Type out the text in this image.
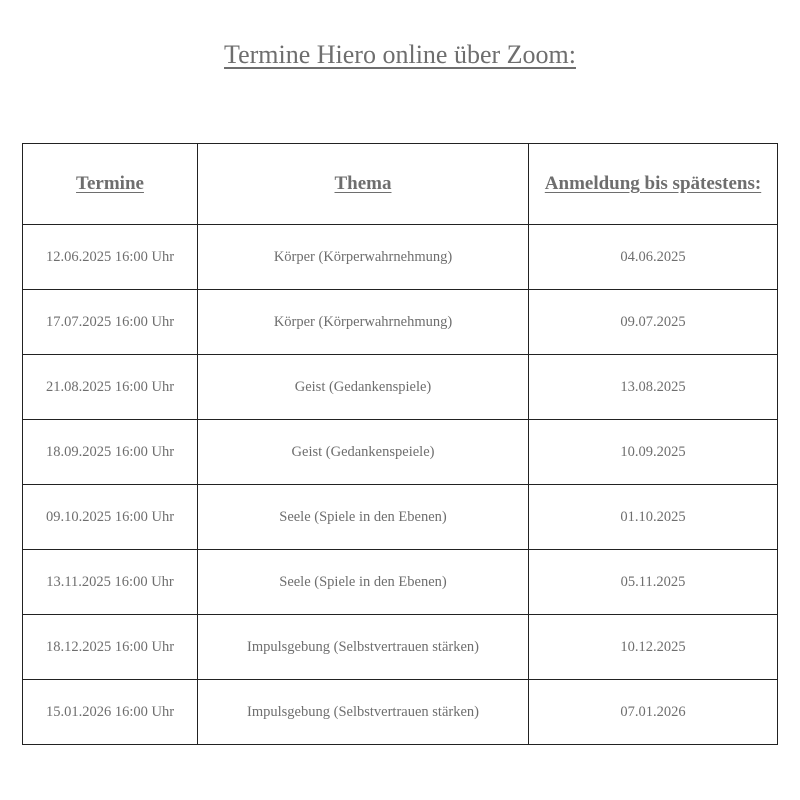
Termine Hiero online über Zoom:
Termine	Thema	Anmeldung bis spätestens:
12.06.2025 16:00 Uhr	Körper (Körperwahrnehmung)	04.06.2025
17.07.2025 16:00 Uhr	Körper (Körperwahrnehmung)	09.07.2025
21.08.2025 16:00 Uhr	Geist (Gedankenspiele)	13.08.2025
18.09.2025 16:00 Uhr	Geist (Gedankenspeiele)	10.09.2025
09.10.2025 16:00 Uhr	Seele (Spiele in den Ebenen)	01.10.2025
13.11.2025 16:00 Uhr	Seele (Spiele in den Ebenen)	05.11.2025
18.12.2025 16:00 Uhr	Impulsgebung (Selbstvertrauen stärken)	10.12.2025
15.01.2026 16:00 Uhr	Impulsgebung (Selbstvertrauen stärken)	07.01.2026
